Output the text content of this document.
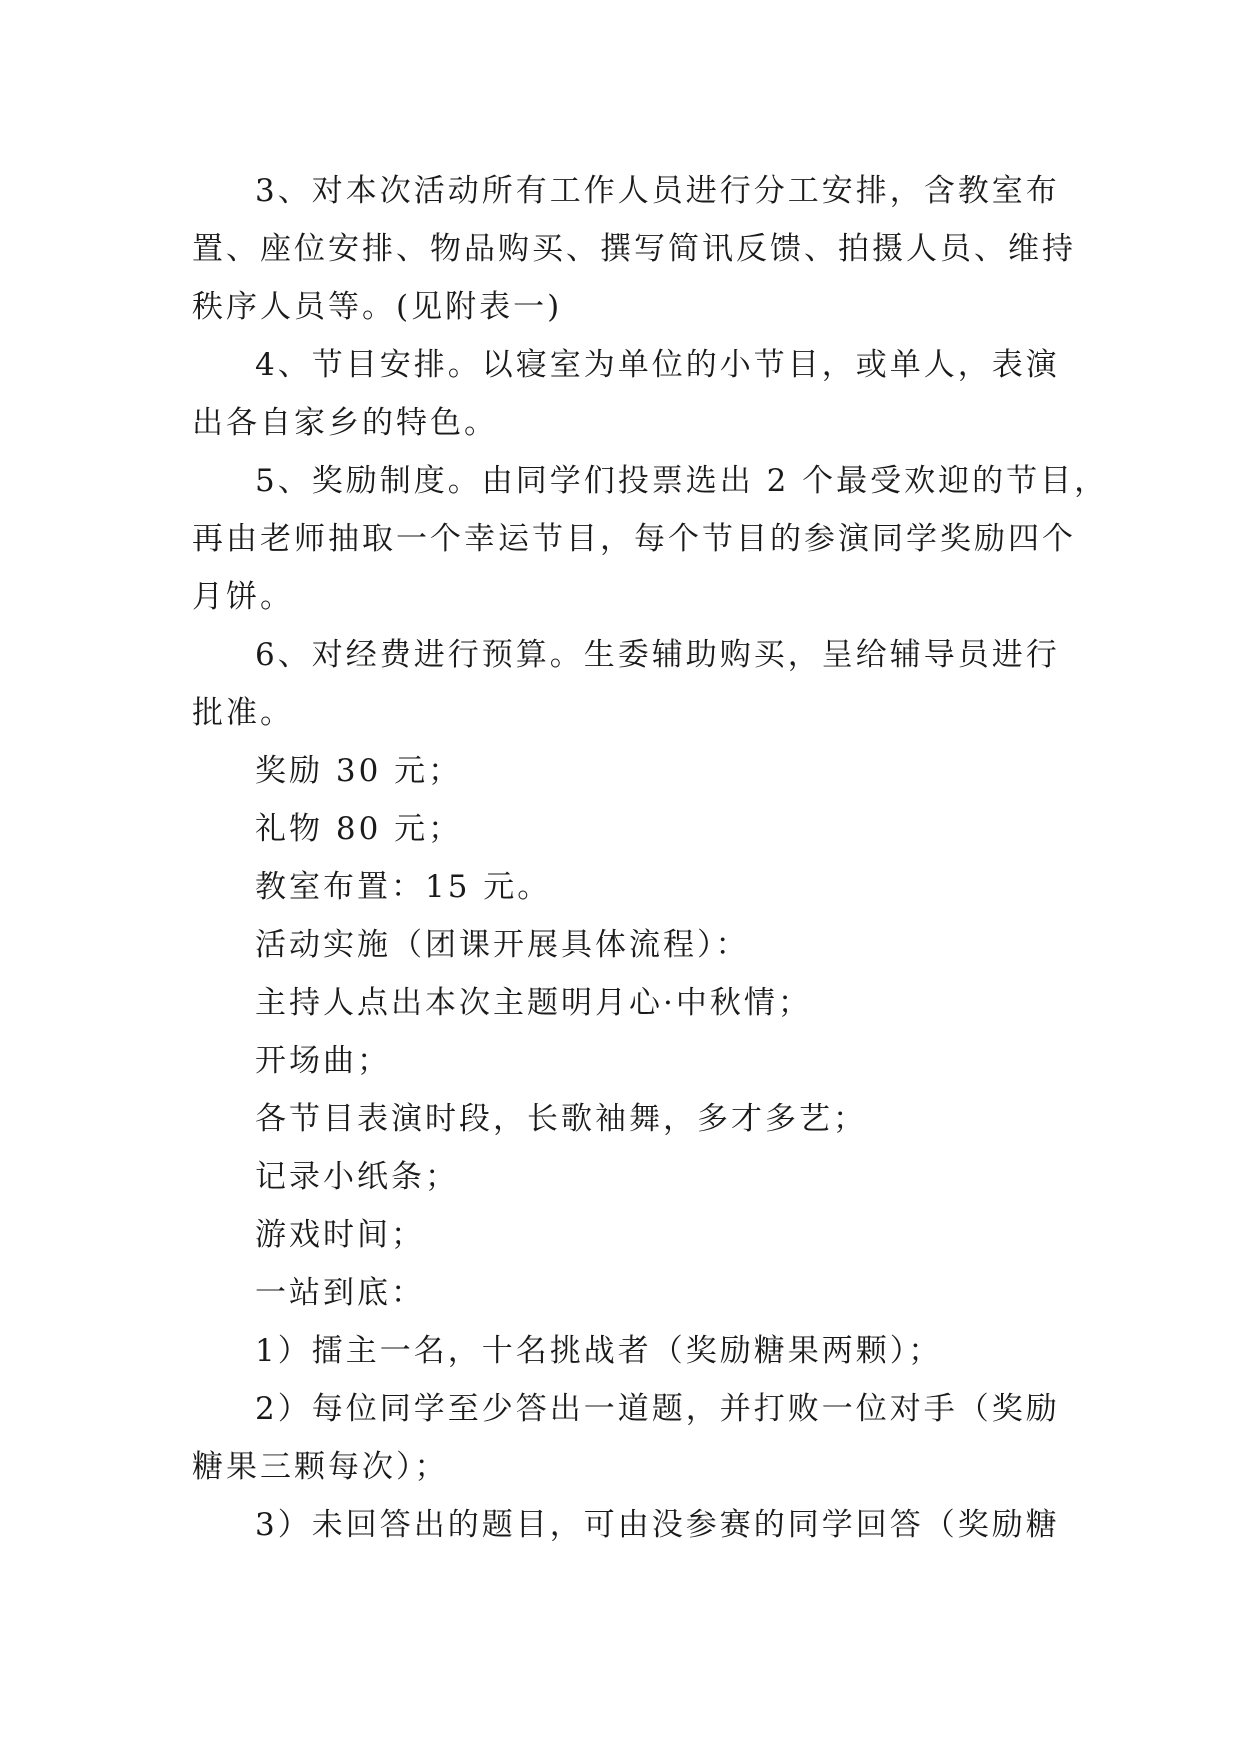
3、对本次活动所有工作人员进行分工安排，含教室布
置、座位安排、物品购买、撰写简讯反馈、拍摄人员、维持
秩序人员等。(见附表一)
4、节目安排。以寝室为单位的小节目，或单人，表演
出各自家乡的特色。
5、奖励制度。由同学们投票选出 2 个最受欢迎的节目，
再由老师抽取一个幸运节目，每个节目的参演同学奖励四个
月饼。
6、对经费进行预算。生委辅助购买，呈给辅导员进行
批准。
奖励 30 元；
礼物 80 元；
教室布置：15 元。
活动实施（团课开展具体流程）：
主持人点出本次主题明月心·中秋情；
开场曲；
各节目表演时段，长歌袖舞，多才多艺；
记录小纸条；
游戏时间；
一站到底：
1）擂主一名，十名挑战者（奖励糖果两颗）；
2）每位同学至少答出一道题，并打败一位对手（奖励
糖果三颗每次）；
3）未回答出的题目，可由没参赛的同学回答（奖励糖
